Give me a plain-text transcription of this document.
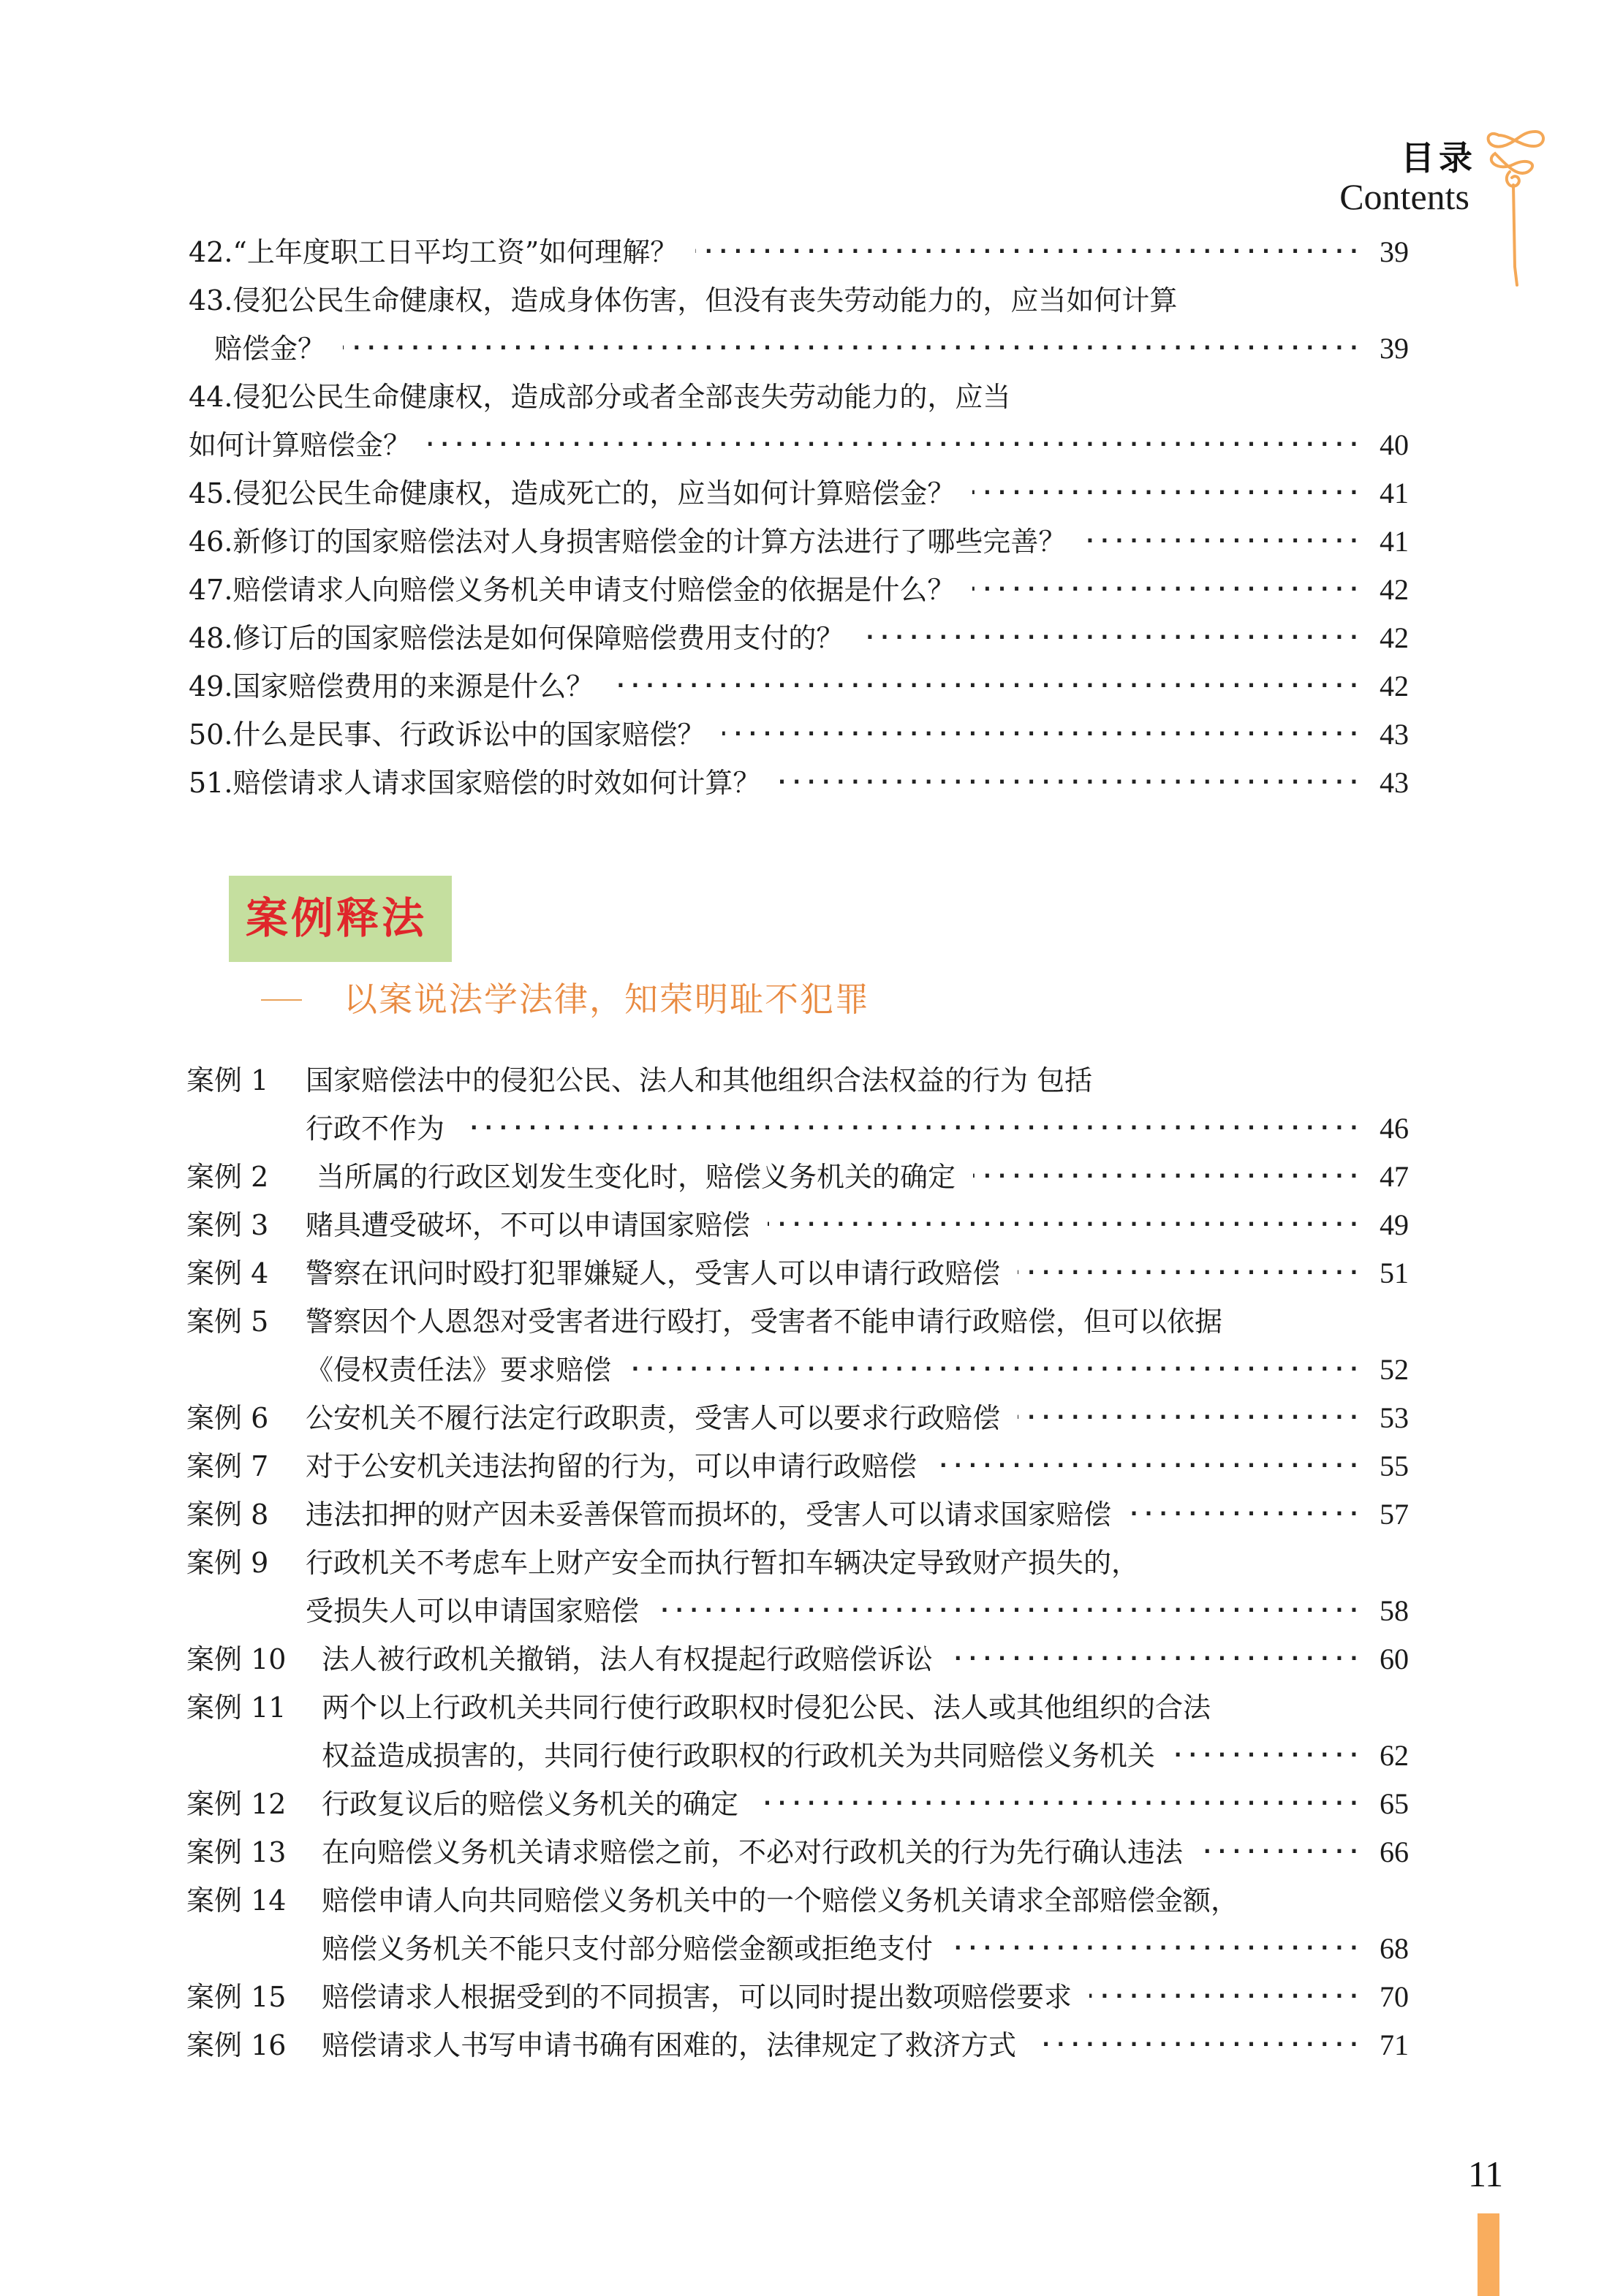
目录
Contents
42.“上年度职工日平均工资”如何理解？ ·····	39
43.侵犯公民生命健康权，造成身体伤害，但没有丧失劳动能力的，应当如何计算
赔偿金？ ·····	39
44.侵犯公民生命健康权，造成部分或者全部丧失劳动能力的，应当
如何计算赔偿金？ ·····	40
45.侵犯公民生命健康权，造成死亡的，应当如何计算赔偿金？ ·····	41
46.新修订的国家赔偿法对人身损害赔偿金的计算方法进行了哪些完善？ ·····	41
47.赔偿请求人向赔偿义务机关申请支付赔偿金的依据是什么？ ·····	42
48.修订后的国家赔偿法是如何保障赔偿费用支付的？ ·····	42
49.国家赔偿费用的来源是什么？ ·····	42
50.什么是民事、行政诉讼中的国家赔偿？ ·····	43
51.赔偿请求人请求国家赔偿的时效如何计算？ ·····	43
案例释法
以案说法学法律，知荣明耻不犯罪
案例 1 国家赔偿法中的侵犯公民、法人和其他组织合法权益的行为 包括
行政不作为 ·····	46
案例 2 当所属的行政区划发生变化时，赔偿义务机关的确定 ·····	47
案例 3 赌具遭受破坏，不可以申请国家赔偿 ·····	49
案例 4 警察在讯问时殴打犯罪嫌疑人，受害人可以申请行政赔偿 ·····	51
案例 5 警察因个人恩怨对受害者进行殴打，受害者不能申请行政赔偿，但可以依据
《侵权责任法》要求赔偿 ·····	52
案例 6 公安机关不履行法定行政职责，受害人可以要求行政赔偿 ·····	53
案例 7 对于公安机关违法拘留的行为，可以申请行政赔偿 ·····	55
案例 8 违法扣押的财产因未妥善保管而损坏的，受害人可以请求国家赔偿 ·····	57
案例 9 行政机关不考虑车上财产安全而执行暂扣车辆决定导致财产损失的，
受损失人可以申请国家赔偿 ·····	58
案例 10 法人被行政机关撤销，法人有权提起行政赔偿诉讼 ·····	60
案例 11 两个以上行政机关共同行使行政职权时侵犯公民、法人或其他组织的合法
权益造成损害的，共同行使行政职权的行政机关为共同赔偿义务机关 ·····	62
案例 12 行政复议后的赔偿义务机关的确定 ·····	65
案例 13 在向赔偿义务机关请求赔偿之前，不必对行政机关的行为先行确认违法 ·····	66
案例 14 赔偿申请人向共同赔偿义务机关中的一个赔偿义务机关请求全部赔偿金额，
赔偿义务机关不能只支付部分赔偿金额或拒绝支付 ·····	68
案例 15 赔偿请求人根据受到的不同损害，可以同时提出数项赔偿要求 ·····	70
案例 16 赔偿请求人书写申请书确有困难的，法律规定了救济方式 ·····	71
11
